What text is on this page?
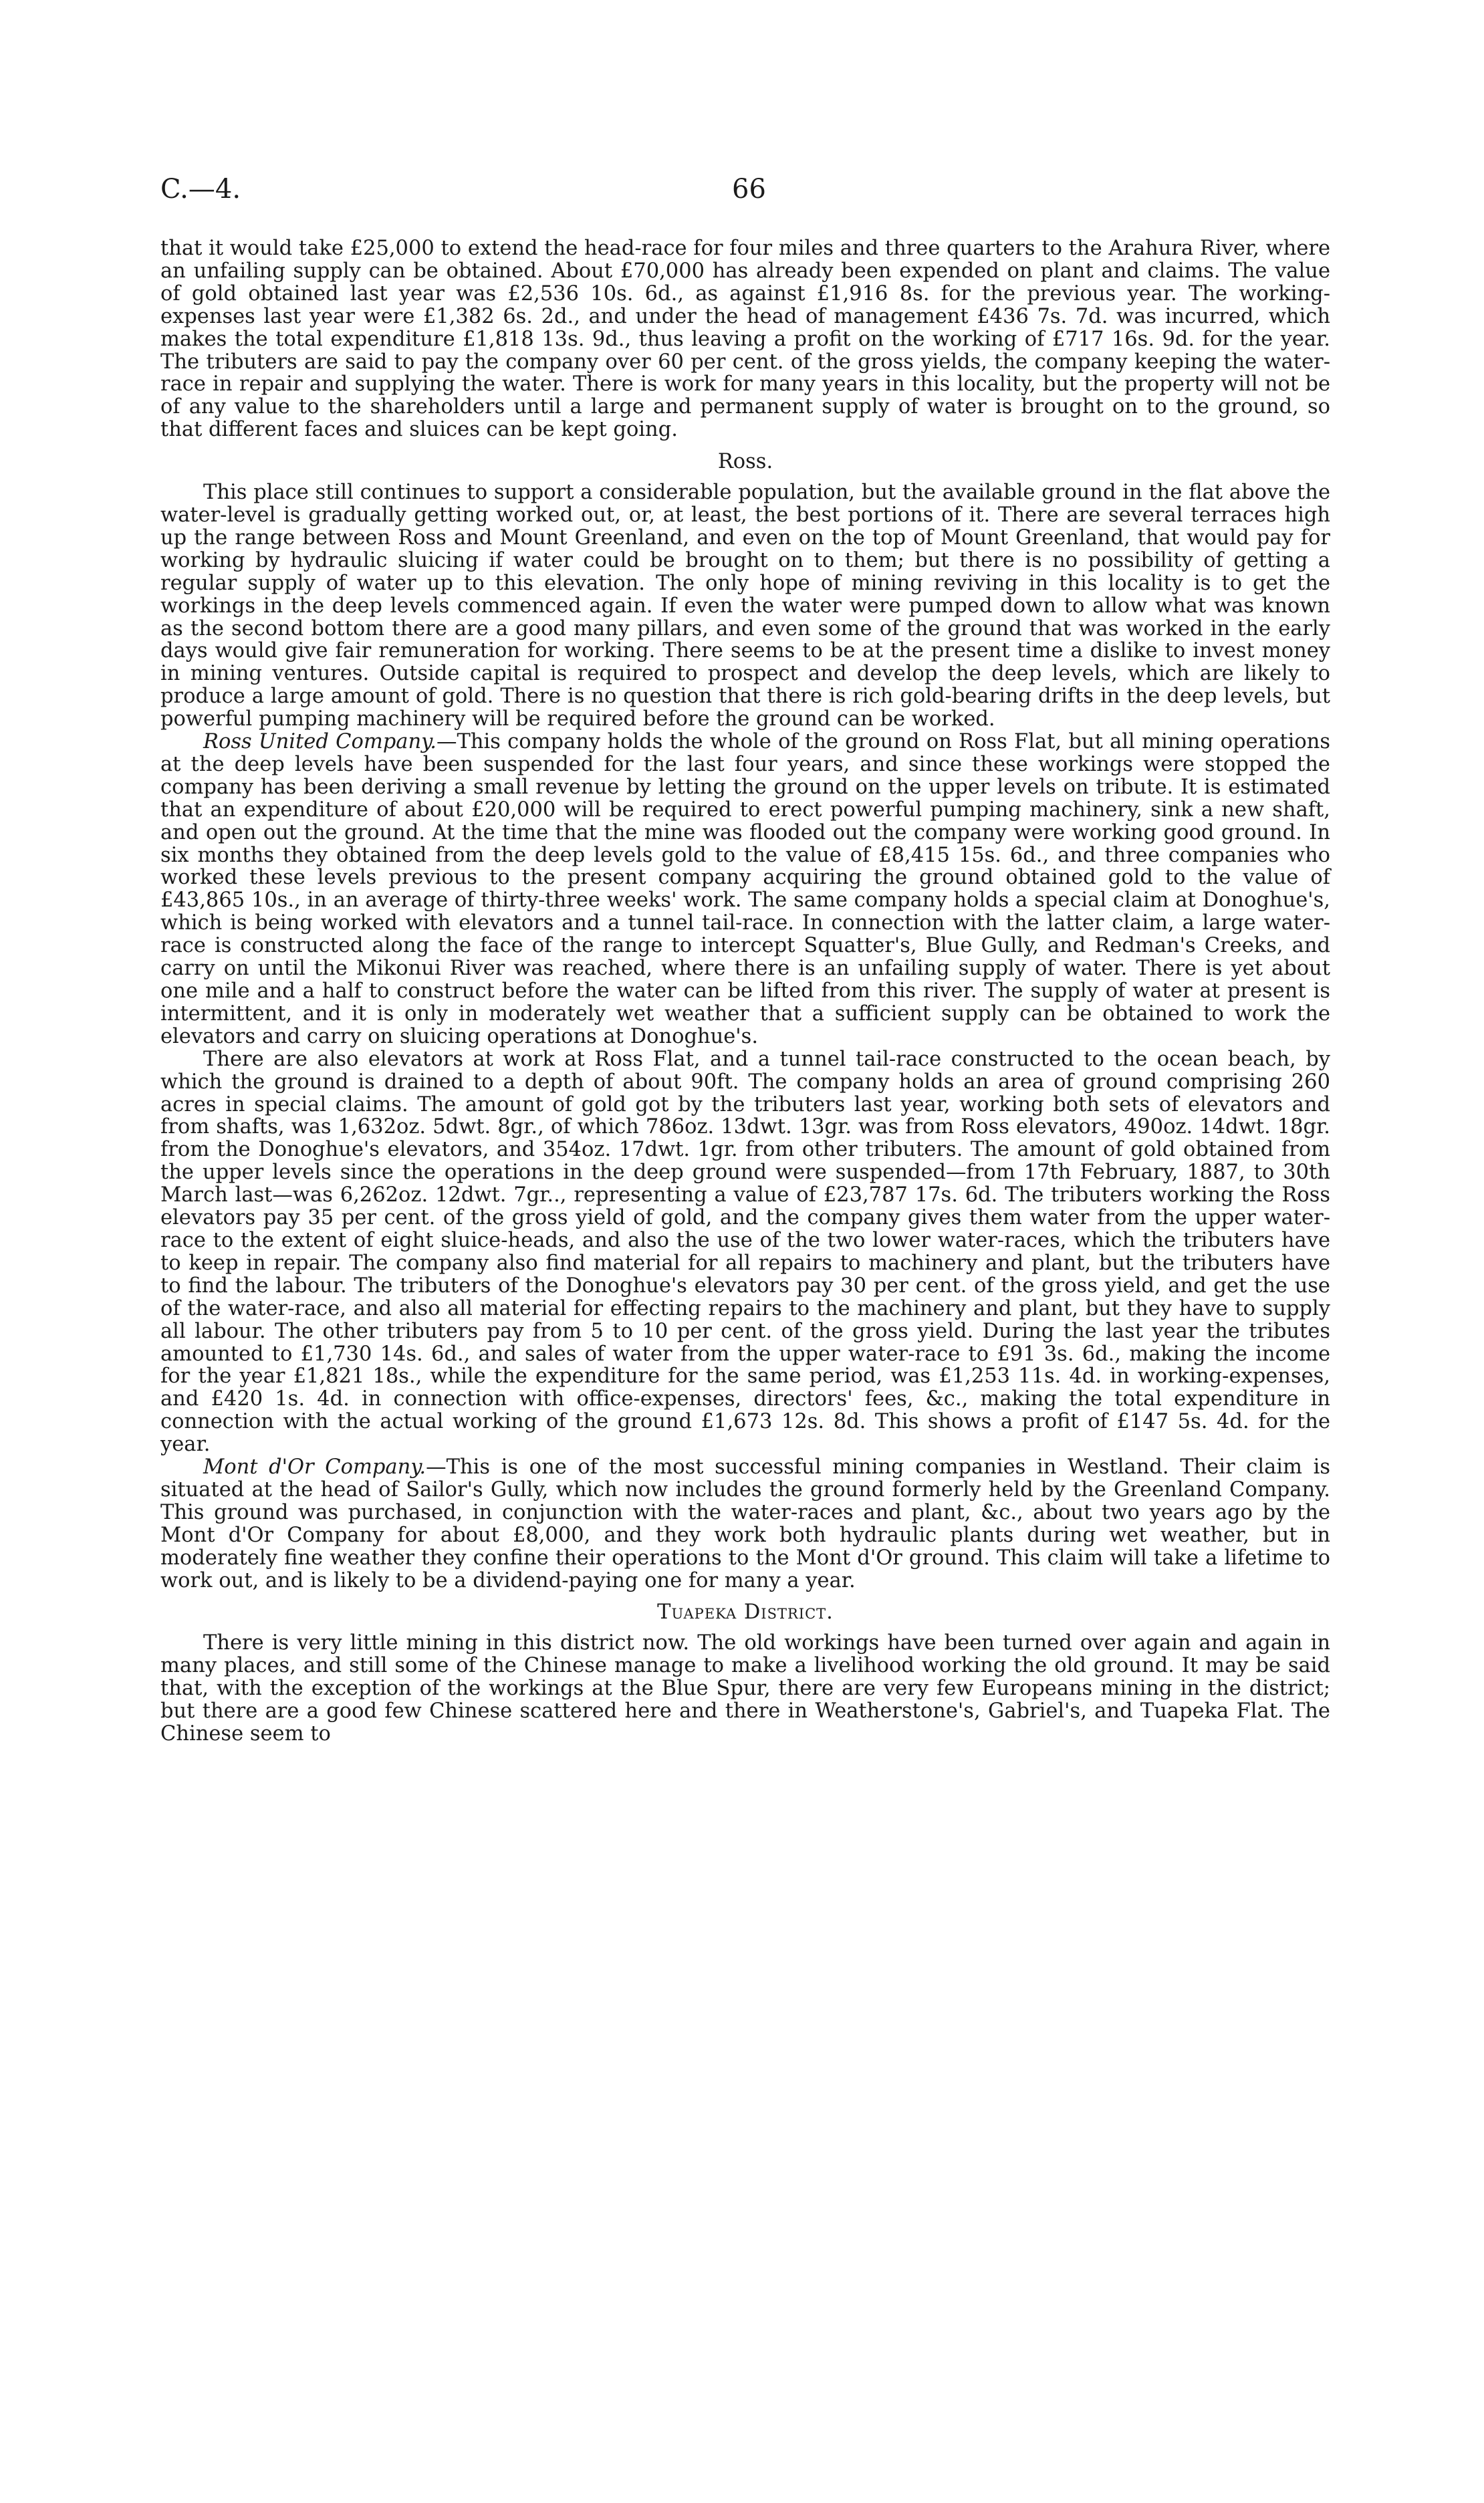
C.—4.	66

that it would take £25,000 to extend the head-race for four miles and three quarters to the Arahura River, where an unfailing supply can be obtained. About £70,000 has already been expended on plant and claims. The value of gold obtained last year was £2,536 10s. 6d., as against £1,916 8s. for the previous year. The working-expenses last year were £1,382 6s. 2d., and under the head of management £436 7s. 7d. was incurred, which makes the total expenditure £1,818 13s. 9d., thus leaving a profit on the working of £717 16s. 9d. for the year. The tributers are said to pay the company over 60 per cent. of the gross yields, the company keeping the water-race in repair and supplying the water. There is work for many years in this locality, but the property will not be of any value to the shareholders until a large and permanent supply of water is brought on to the ground, so that different faces and sluices can be kept going.

Ross.

This place still continues to support a considerable population, but the available ground in the flat above the water-level is gradually getting worked out, or, at least, the best portions of it. There are several terraces high up the range between Ross and Mount Greenland, and even on the top of Mount Greenland, that would pay for working by hydraulic sluicing if water could be brought on to them; but there is no possibility of getting a regular supply of water up to this elevation. The only hope of mining reviving in this locality is to get the workings in the deep levels commenced again. If even the water were pumped down to allow what was known as the second bottom there are a good many pillars, and even some of the ground that was worked in the early days would give fair remuneration for working. There seems to be at the present time a dislike to invest money in mining ventures. Outside capital is required to prospect and develop the deep levels, which are likely to produce a large amount of gold. There is no question that there is rich gold-bearing drifts in the deep levels, but powerful pumping machinery will be required before the ground can be worked.

Ross United Company.—This company holds the whole of the ground on Ross Flat, but all mining operations at the deep levels have been suspended for the last four years, and since these workings were stopped the company has been deriving a small revenue by letting the ground on the upper levels on tribute. It is estimated that an expenditure of about £20,000 will be required to erect powerful pumping machinery, sink a new shaft, and open out the ground. At the time that the mine was flooded out the company were working good ground. In six months they obtained from the deep levels gold to the value of £8,415 15s. 6d., and three companies who worked these levels previous to the present company acquiring the ground obtained gold to the value of £43,865 10s., in an average of thirty-three weeks' work. The same company holds a special claim at Donoghue's, which is being worked with elevators and a tunnel tail-race. In connection with the latter claim, a large water-race is constructed along the face of the range to intercept Squatter's, Blue Gully, and Redman's Creeks, and carry on until the Mikonui River was reached, where there is an unfailing supply of water. There is yet about one mile and a half to construct before the water can be lifted from this river. The supply of water at present is intermittent, and it is only in moderately wet weather that a sufficient supply can be obtained to work the elevators and carry on sluicing operations at Donoghue's.

There are also elevators at work at Ross Flat, and a tunnel tail-race constructed to the ocean beach, by which the ground is drained to a depth of about 90ft. The company holds an area of ground comprising 260 acres in special claims. The amount of gold got by the tributers last year, working both sets of elevators and from shafts, was 1,632oz. 5dwt. 8gr., of which 786oz. 13dwt. 13gr. was from Ross elevators, 490oz. 14dwt. 18gr. from the Donoghue's elevators, and 354oz. 17dwt. 1gr. from other tributers. The amount of gold obtained from the upper levels since the operations in the deep ground were suspended—from 17th February, 1887, to 30th March last—was 6,262oz. 12dwt. 7gr.., representing a value of £23,787 17s. 6d. The tributers working the Ross elevators pay 35 per cent. of the gross yield of gold, and the company gives them water from the upper water-race to the extent of eight sluice-heads, and also the use of the two lower water-races, which the tributers have to keep in repair. The company also find material for all repairs to machinery and plant, but the tributers have to find the labour. The tributers of the Donoghue's elevators pay 30 per cent. of the gross yield, and get the use of the water-race, and also all material for effecting repairs to the machinery and plant, but they have to supply all labour. The other tributers pay from 5 to 10 per cent. of the gross yield. During the last year the tributes amounted to £1,730 14s. 6d., and sales of water from the upper water-race to £91 3s. 6d., making the income for the year £1,821 18s., while the expenditure for the same period, was £1,253 11s. 4d. in working-expenses, and £420 1s. 4d. in connection with office-expenses, directors' fees, &c., making the total expenditure in connection with the actual working of the ground £1,673 12s. 8d. This shows a profit of £147 5s. 4d. for the year.

Mont d'Or Company.—This is one of the most successful mining companies in Westland. Their claim is situated at the head of Sailor's Gully, which now includes the ground formerly held by the Greenland Company. This ground was purchased, in conjunction with the water-races and plant, &c., about two years ago by the Mont d'Or Company for about £8,000, and they work both hydraulic plants during wet weather, but in moderately fine weather they confine their operations to the Mont d'Or ground. This claim will take a lifetime to work out, and is likely to be a dividend-paying one for many a year.

Tuapeka District.

There is very little mining in this district now. The old workings have been turned over again and again in many places, and still some of the Chinese manage to make a livelihood working the old ground. It may be said that, with the exception of the workings at the Blue Spur, there are very few Europeans mining in the district; but there are a good few Chinese scattered here and there in Weatherstone's, Gabriel's, and Tuapeka Flat. The Chinese seem to
